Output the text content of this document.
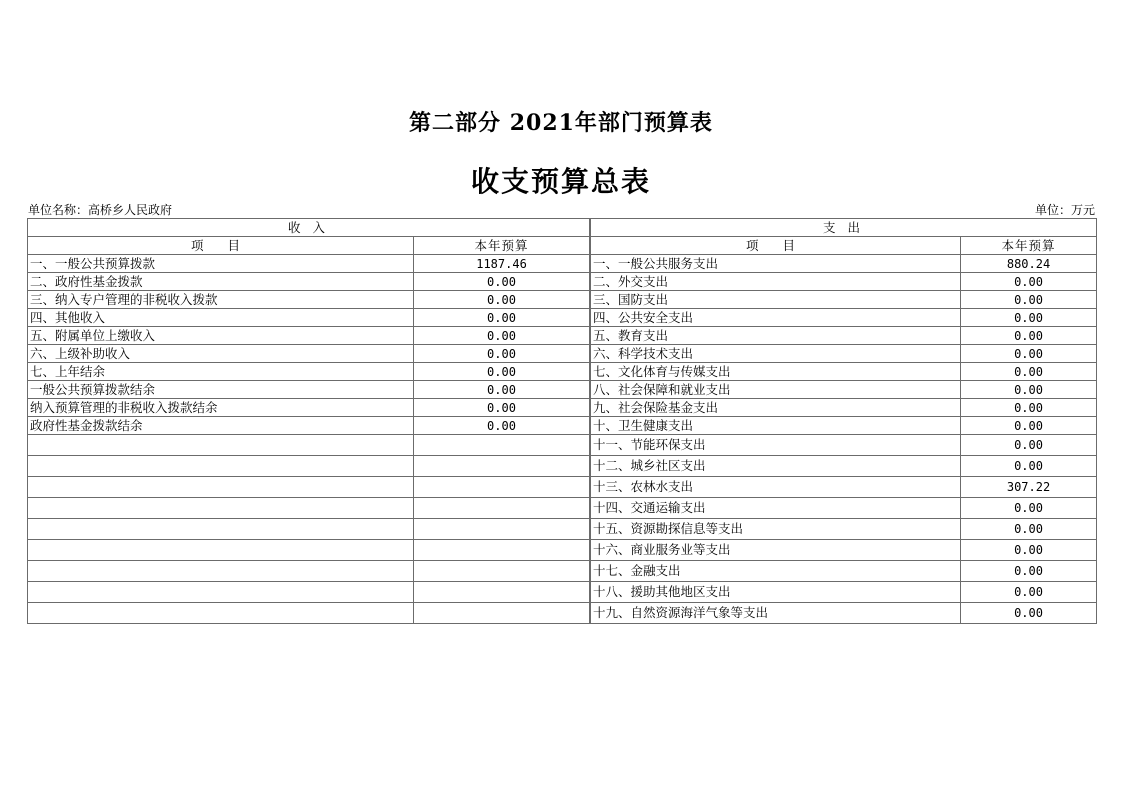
第二部分 2021年部门预算表
收支预算总表
单位名称：高桥乡人民政府	单位：万元
收 入		支 出	
项 目	本年预算		项 目	本年预算
一、一般公共预算拨款	1187.46		一、一般公共服务支出	880.24
二、政府性基金拨款	0.00		二、外交支出	0.00
三、纳入专户管理的非税收入拨款	0.00		三、国防支出	0.00
四、其他收入	0.00		四、公共安全支出	0.00
五、附属单位上缴收入	0.00		五、教育支出	0.00
六、上级补助收入	0.00		六、科学技术支出	0.00
七、上年结余	0.00		七、文化体育与传媒支出	0.00
一般公共预算拨款结余	0.00		八、社会保障和就业支出	0.00
纳入预算管理的非税收入拨款结余	0.00		九、社会保险基金支出	0.00
政府性基金拨款结余	0.00		十、卫生健康支出	0.00
			十一、节能环保支出	0.00
			十二、城乡社区支出	0.00
			十三、农林水支出	307.22
			十四、交通运输支出	0.00
			十五、资源勘探信息等支出	0.00
			十六、商业服务业等支出	0.00
			十七、金融支出	0.00
			十八、援助其他地区支出	0.00
			十九、自然资源海洋气象等支出	0.00
